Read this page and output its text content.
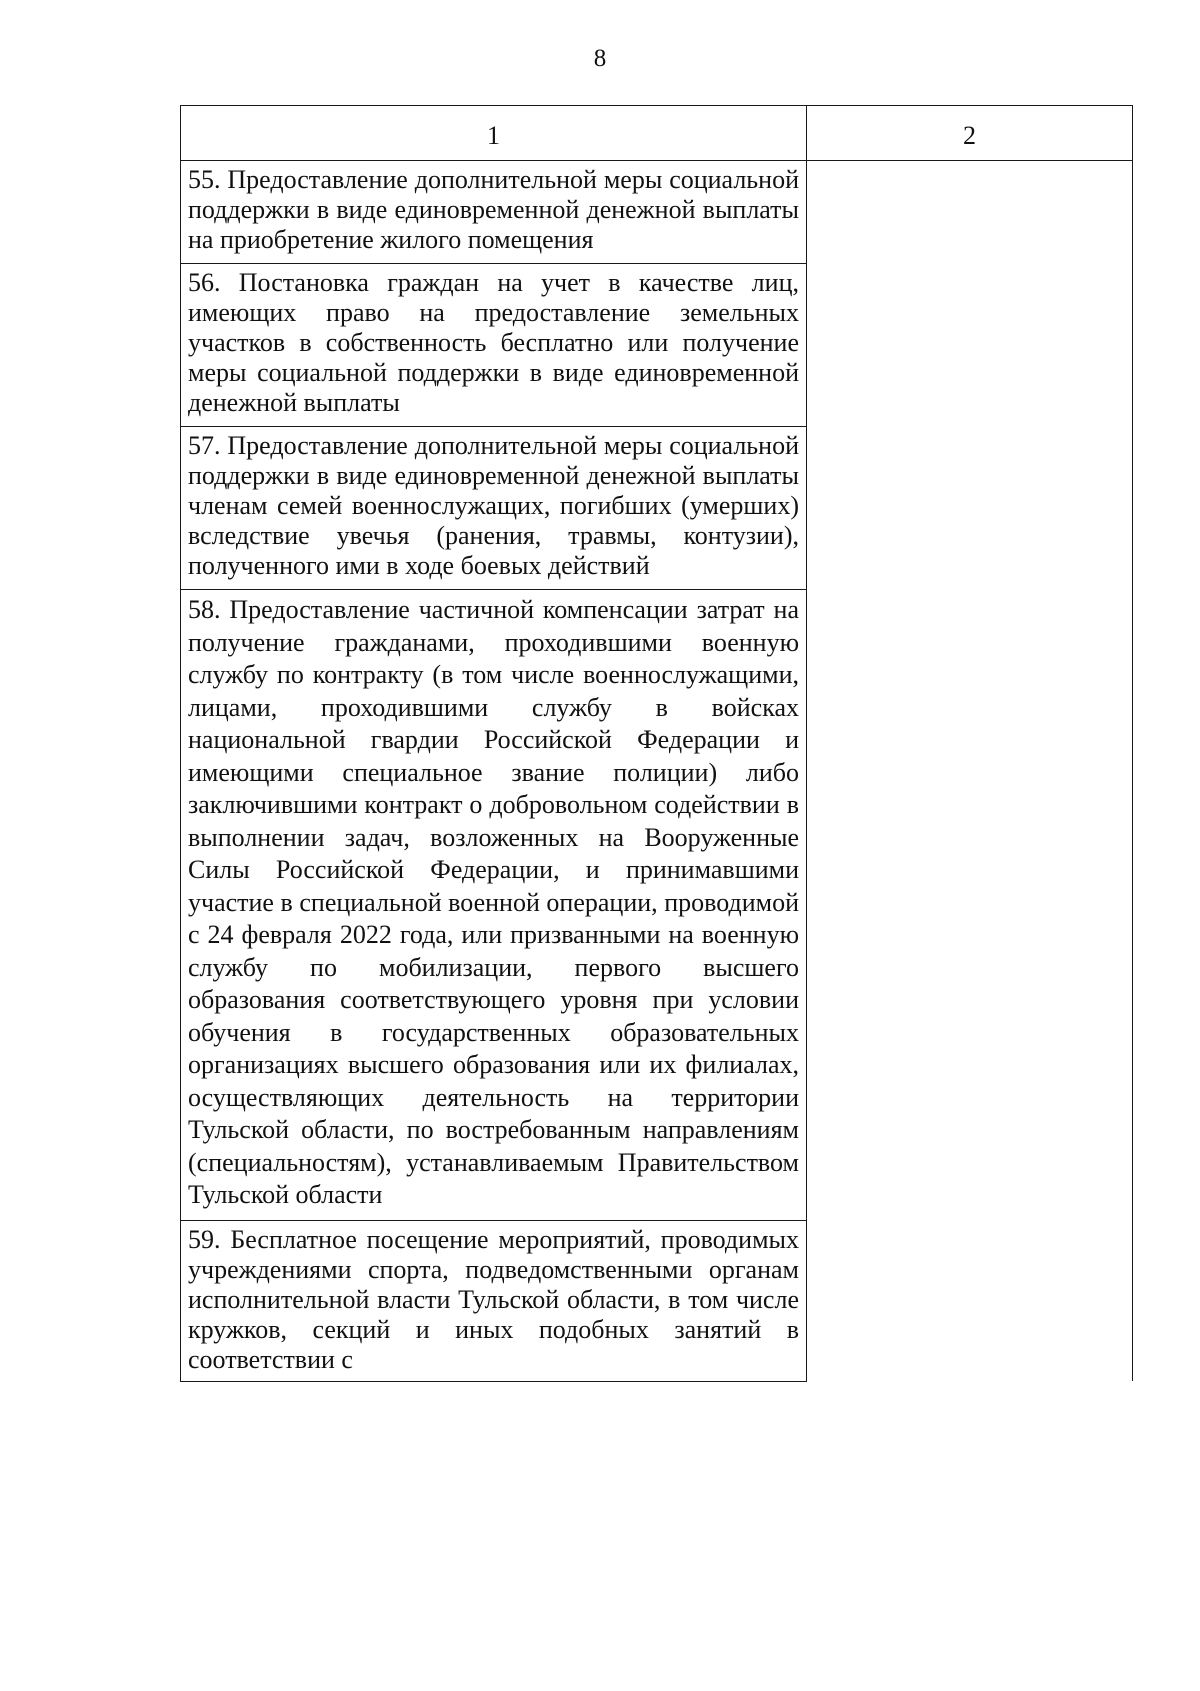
8
1	2
55. Предоставление дополнительной меры социальной поддержки в виде единовременной денежной выплаты на приобретение жилого помещения	
56. Постановка граждан на учет в качестве лиц, имеющих право на предоставление земельных участков в собственность бесплатно или получение меры социальной поддержки в виде единовременной денежной выплаты	
57. Предоставление дополнительной меры социальной поддержки в виде единовременной денежной выплаты членам семей военнослужащих, погибших (умерших) вследствие увечья (ранения, травмы, контузии), полученного ими в ходе боевых действий	
58. Предоставление частичной компенсации затрат на получение гражданами, проходившими военную службу по контракту (в том числе военнослужащими, лицами, проходившими службу в войсках национальной гвардии Российской Федерации и имеющими специальное звание полиции) либо заключившими контракт о добровольном содействии в выполнении задач, возложенных на Вооруженные Силы Российской Федерации, и принимавшими участие в специальной военной операции, проводимой с 24 февраля 2022 года, или призванными на военную службу по мобилизации, первого высшего образования соответствующего уровня при условии обучения в государственных образовательных организациях высшего образования или их филиалах, осуществляющих деятельность на территории Тульской области, по востребованным направлениям (специальностям), устанавливаемым Правительством Тульской области	
59. Бесплатное посещение мероприятий, проводимых учреждениями спорта, подведомственными органам исполнительной власти Тульской области, в том числе кружков, секций и иных подобных занятий в соответствии с	
